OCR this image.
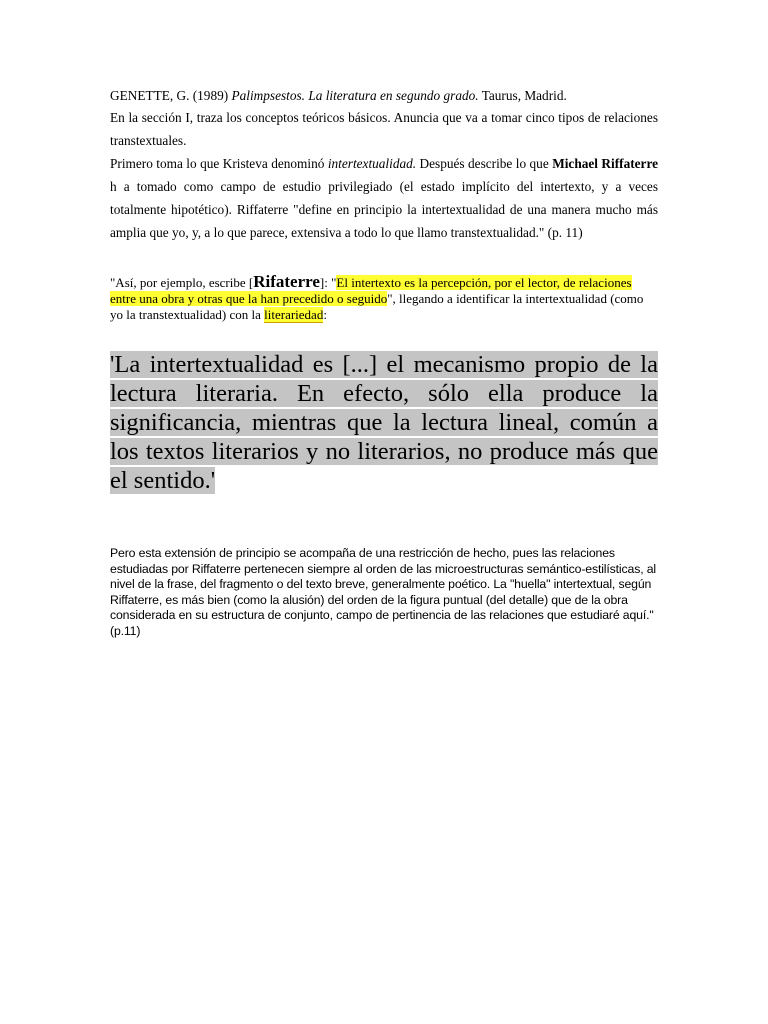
GENETTE, G. (1989) Palimpsestos. La literatura en segundo grado. Taurus, Madrid.

En la sección I, traza los conceptos teóricos básicos. Anuncia que va a tomar cinco tipos de relaciones transtextuales.

Primero toma lo que Kristeva denominó intertextualidad. Después describe lo que Michael Riffaterre h a tomado como campo de estudio privilegiado (el estado implícito del intertexto, y a veces totalmente hipotético). Riffaterre "define en principio la intertextualidad de una manera mucho más amplia que yo, y, a lo que parece, extensiva a todo lo que llamo transtextualidad." (p. 11)

"Así, por ejemplo, escribe [Rifaterre]: "El intertexto es la percepción, por el lector, de relaciones entre una obra y otras que la han precedido o seguido", llegando a identificar la intertextualidad (como yo la transtextualidad) con la literariedad:

'La intertextualidad es [...] el mecanismo propio de la lectura literaria. En efecto, sólo ella produce la significancia, mientras que la lectura lineal, común a los textos literarios y no literarios, no produce más que el sentido.'

Pero esta extensión de principio se acompaña de una restricción de hecho, pues las relaciones estudiadas por Riffaterre pertenecen siempre al orden de las microestructuras semántico-estilísticas, al nivel de la frase, del fragmento o del texto breve, generalmente poético. La "huella" intertextual, según Riffaterre, es más bien (como la alusión) del orden de la figura puntual (del detalle) que de la obra considerada en su estructura de conjunto, campo de pertinencia de las relaciones que estudiaré aquí." (p.11)
